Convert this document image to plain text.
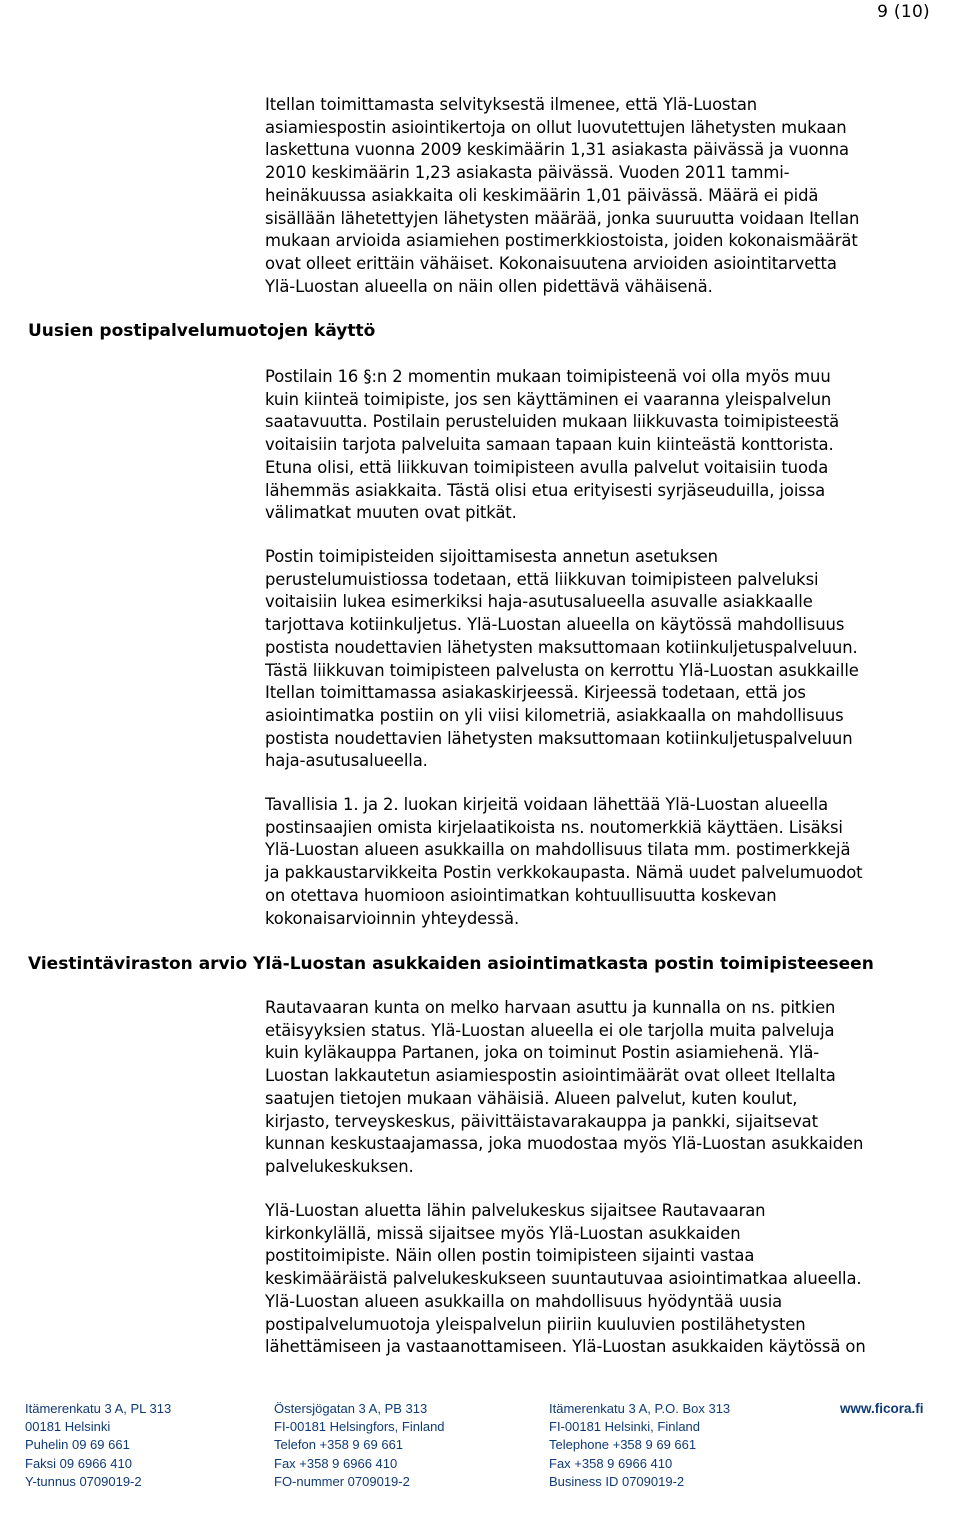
9 (10)
Itellan toimittamasta selvityksestä ilmenee, että Ylä-Luostan
asiamiespostin asiointikertoja on ollut luovutettujen lähetysten mukaan
laskettuna vuonna 2009 keskimäärin 1,31 asiakasta päivässä ja vuonna
2010 keskimäärin 1,23 asiakasta päivässä. Vuoden 2011 tammi-
heinäkuussa asiakkaita oli keskimäärin 1,01 päivässä. Määrä ei pidä
sisällään lähetettyjen lähetysten määrää, jonka suuruutta voidaan Itellan
mukaan arvioida asiamiehen postimerkkiostoista, joiden kokonaismäärät
ovat olleet erittäin vähäiset. Kokonaisuutena arvioiden asiointitarvetta
Ylä-Luostan alueella on näin ollen pidettävä vähäisenä.
Uusien postipalvelumuotojen käyttö
Postilain 16 §:n 2 momentin mukaan toimipisteenä voi olla myös muu
kuin kiinteä toimipiste, jos sen käyttäminen ei vaaranna yleispalvelun
saatavuutta. Postilain perusteluiden mukaan liikkuvasta toimipisteestä
voitaisiin tarjota palveluita samaan tapaan kuin kiinteästä konttorista.
Etuna olisi, että liikkuvan toimipisteen avulla palvelut voitaisiin tuoda
lähemmäs asiakkaita. Tästä olisi etua erityisesti syrjäseuduilla, joissa
välimatkat muuten ovat pitkät.
Postin toimipisteiden sijoittamisesta annetun asetuksen
perustelumuistiossa todetaan, että liikkuvan toimipisteen palveluksi
voitaisiin lukea esimerkiksi haja-asutusalueella asuvalle asiakkaalle
tarjottava kotiinkuljetus. Ylä-Luostan alueella on käytössä mahdollisuus
postista noudettavien lähetysten maksuttomaan kotiinkuljetuspalveluun.
Tästä liikkuvan toimipisteen palvelusta on kerrottu Ylä-Luostan asukkaille
Itellan toimittamassa asiakaskirjeessä. Kirjeessä todetaan, että jos
asiointimatka postiin on yli viisi kilometriä, asiakkaalla on mahdollisuus
postista noudettavien lähetysten maksuttomaan kotiinkuljetuspalveluun
haja-asutusalueella.
Tavallisia 1. ja 2. luokan kirjeitä voidaan lähettää Ylä-Luostan alueella
postinsaajien omista kirjelaatikoista ns. noutomerkkiä käyttäen. Lisäksi
Ylä-Luostan alueen asukkailla on mahdollisuus tilata mm. postimerkkejä
ja pakkaustarvikkeita Postin verkkokaupasta. Nämä uudet palvelumuodot
on otettava huomioon asiointimatkan kohtuullisuutta koskevan
kokonaisarvioinnin yhteydessä.
Viestintäviraston arvio Ylä-Luostan asukkaiden asiointimatkasta postin toimipisteeseen
Rautavaaran kunta on melko harvaan asuttu ja kunnalla on ns. pitkien
etäisyyksien status. Ylä-Luostan alueella ei ole tarjolla muita palveluja
kuin kyläkauppa Partanen, joka on toiminut Postin asiamiehenä. Ylä-
Luostan lakkautetun asiamiespostin asiointimäärät ovat olleet Itellalta
saatujen tietojen mukaan vähäisiä. Alueen palvelut, kuten koulut,
kirjasto, terveyskeskus, päivittäistavarakauppa ja pankki, sijaitsevat
kunnan keskustaajamassa, joka muodostaa myös Ylä-Luostan asukkaiden
palvelukeskuksen.
Ylä-Luostan aluetta lähin palvelukeskus sijaitsee Rautavaaran
kirkonkylällä, missä sijaitsee myös Ylä-Luostan asukkaiden
postitoimipiste. Näin ollen postin toimipisteen sijainti vastaa
keskimääräistä palvelukeskukseen suuntautuvaa asiointimatkaa alueella.
Ylä-Luostan alueen asukkailla on mahdollisuus hyödyntää uusia
postipalvelumuotoja yleispalvelun piiriin kuuluvien postilähetysten
lähettämiseen ja vastaanottamiseen. Ylä-Luostan asukkaiden käytössä on
Itämerenkatu 3 A, PL 313
00181 Helsinki
Puhelin 09 69 661
Faksi 09 6966 410
Y-tunnus 0709019-2
Östersjögatan 3 A, PB 313
FI-00181 Helsingfors, Finland
Telefon +358 9 69 661
Fax +358 9 6966 410
FO-nummer 0709019-2
Itämerenkatu 3 A, P.O. Box 313
FI-00181 Helsinki, Finland
Telephone +358 9 69 661
Fax +358 9 6966 410
Business ID 0709019-2
www.ficora.fi
